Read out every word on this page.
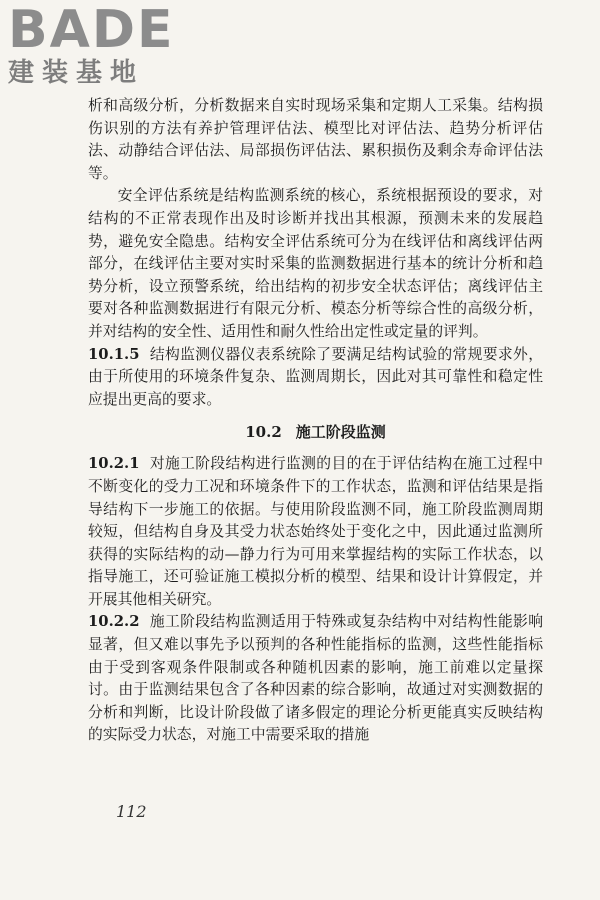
BADE
建装基地

析和高级分析，分析数据来自实时现场采集和定期人工采集。结构损伤识别的方法有养护管理评估法、模型比对评估法、趋势分析评估法、动静结合评估法、局部损伤评估法、累积损伤及剩余寿命评估法等。

安全评估系统是结构监测系统的核心，系统根据预设的要求，对结构的不正常表现作出及时诊断并找出其根源，预测未来的发展趋势，避免安全隐患。结构安全评估系统可分为在线评估和离线评估两部分，在线评估主要对实时采集的监测数据进行基本的统计分析和趋势分析，设立预警系统，给出结构的初步安全状态评估；离线评估主要对各种监测数据进行有限元分析、模态分析等综合性的高级分析，并对结构的安全性、适用性和耐久性给出定性或定量的评判。

10.1.5 结构监测仪器仪表系统除了要满足结构试验的常规要求外，由于所使用的环境条件复杂、监测周期长，因此对其可靠性和稳定性应提出更高的要求。

10.2 施工阶段监测

10.2.1 对施工阶段结构进行监测的目的在于评估结构在施工过程中不断变化的受力工况和环境条件下的工作状态，监测和评估结果是指导结构下一步施工的依据。与使用阶段监测不同，施工阶段监测周期较短，但结构自身及其受力状态始终处于变化之中，因此通过监测所获得的实际结构的动—静力行为可用来掌握结构的实际工作状态，以指导施工，还可验证施工模拟分析的模型、结果和设计计算假定，并开展其他相关研究。

10.2.2 施工阶段结构监测适用于特殊或复杂结构中对结构性能影响显著，但又难以事先予以预判的各种性能指标的监测，这些性能指标由于受到客观条件限制或各种随机因素的影响，施工前难以定量探讨。由于监测结果包含了各种因素的综合影响，故通过对实测数据的分析和判断，比设计阶段做了诸多假定的理论分析更能真实反映结构的实际受力状态，对施工中需要采取的措施

112
